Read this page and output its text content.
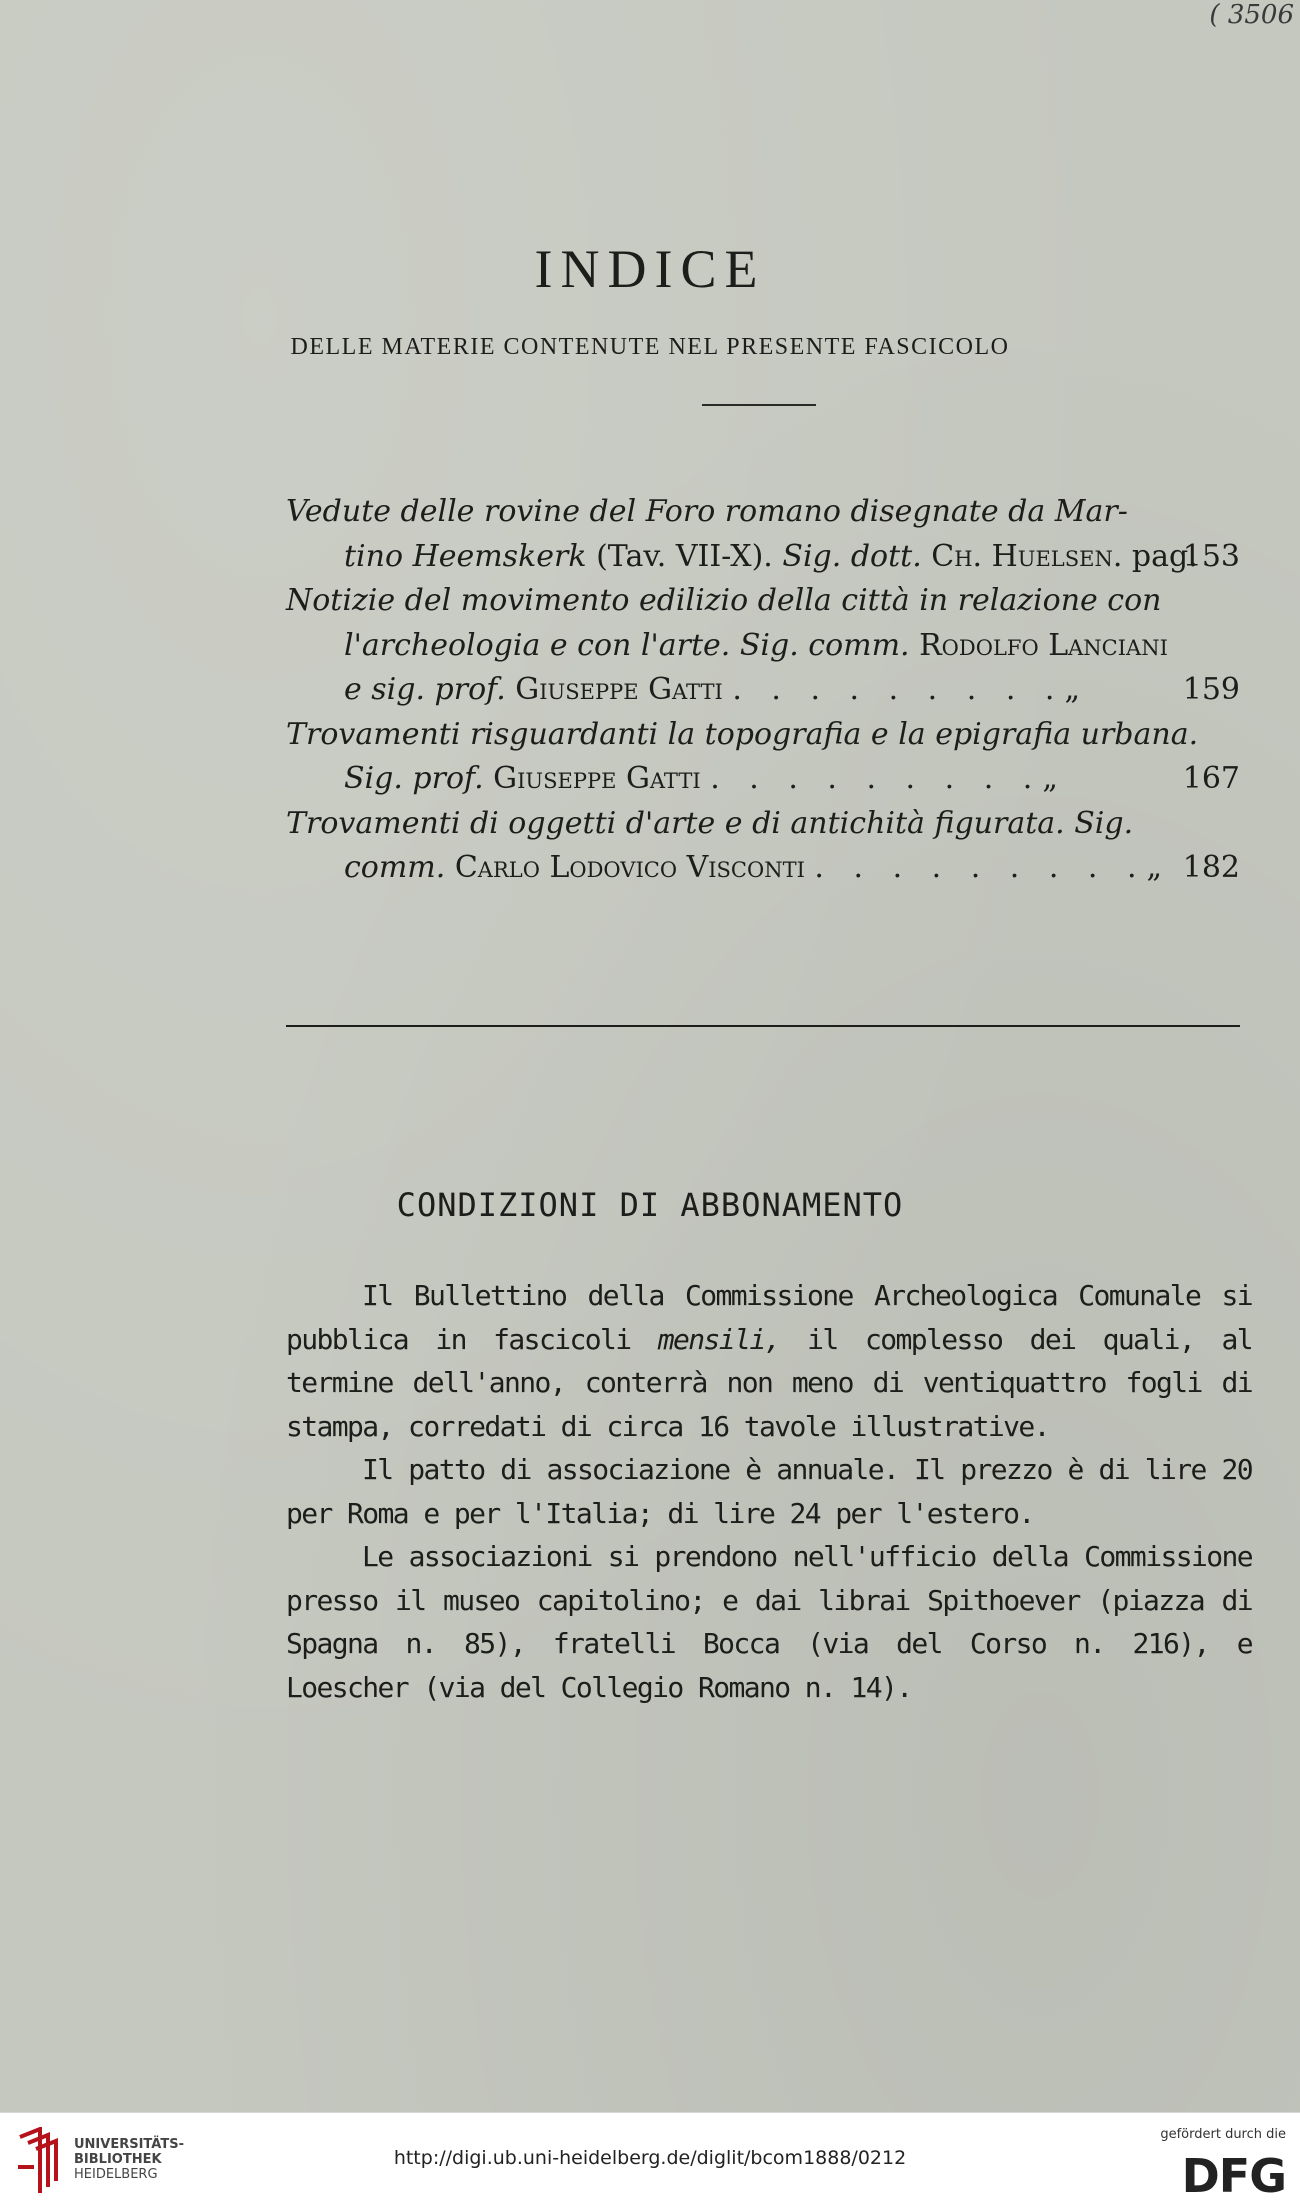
( 3506
INDICE
DELLE MATERIE CONTENUTE NEL PRESENTE FASCICOLO
Vedute delle rovine del Foro romano disegnate da Mar-
tino Heemskerk (Tav. VII-X). Sig. dott. Ch. Huelsen. pag.
153
Notizie del movimento edilizio della città in relazione con
l'archeologia e con l'arte. Sig. comm. Rodolfo Lanciani
e sig. prof. Giuseppe Gatti . . . . . . . . .„	159
Trovamenti risguardanti la topografia e la epigrafia urbana.
Sig. prof. Giuseppe Gatti . . . . . . . . .„	167
Trovamenti di oggetti d'arte e di antichità figurata. Sig.
comm. Carlo Lodovico Visconti . . . . . . . . .„ 182
CONDIZIONI DI ABBONAMENTO

Il Bullettino della Commissione Archeologica Comunale si pubblica in fascicoli mensili, il complesso dei quali, al termine dell'anno, conterrà non meno di ventiquattro fogli di stampa, corredati di circa 16 tavole illustrative.

Il patto di associazione è annuale. Il prezzo è di lire 20 per Roma e per l'Italia; di lire 24 per l'estero.

Le associazioni si prendono nell'ufficio della Commissione presso il museo capitolino; e dai librai Spithoever (piazza di Spagna n. 85), fratelli Bocca (via del Corso n. 216), e Loescher (via del Collegio Romano n. 14).

UNIVERSITÄTS-
BIBLIOTHEK
HEIDELBERG
http://digi.ub.uni-heidelberg.de/diglit/bcom1888/0212
gefördert durch die
DFG
